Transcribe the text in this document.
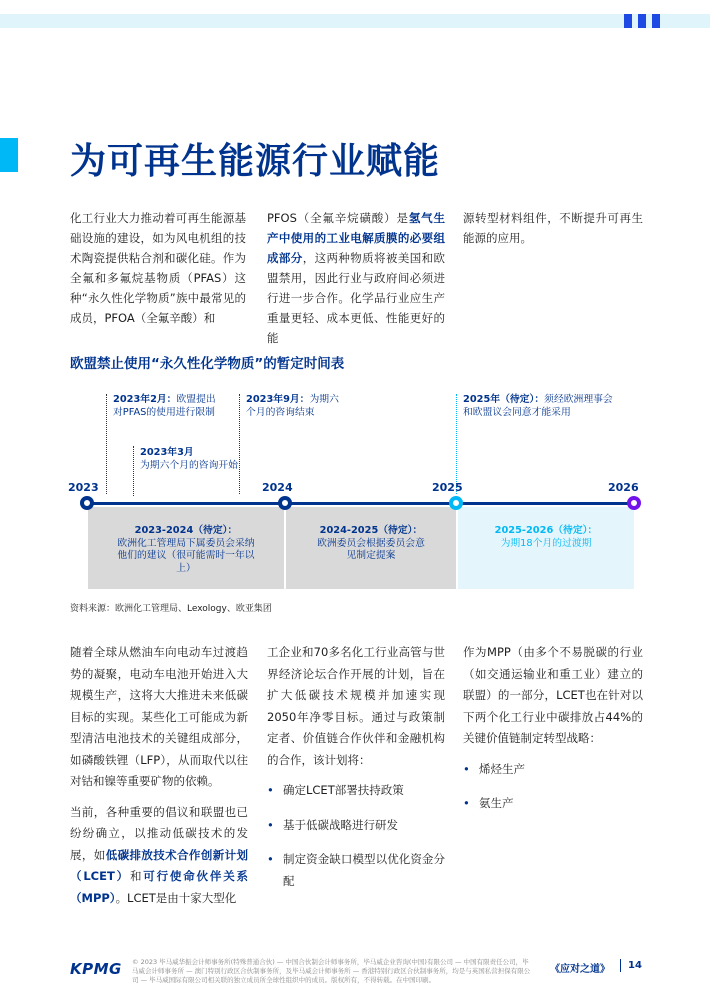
为可再生能源行业赋能
化工行业大力推动着可再生能源基础设施的建设，如为风电机组的技术陶瓷提供粘合剂和碳化硅。作为全氟和多氟烷基物质（PFAS）这种“永久性化学物质”族中最常见的成员，PFOA（全氟辛酸）和
PFOS（全氟辛烷磺酸）是氢气生产中使用的工业电解质膜的必要组成部分，这两种物质将被美国和欧盟禁用，因此行业与政府间必须进行进一步合作。化学品行业应生产重量更轻、成本更低、性能更好的能
源转型材料组件，不断提升可再生能源的应用。
欧盟禁止使用“永久性化学物质”的暂定时间表
2023年2月：欧盟提出对PFAS的使用进行限制
2023年3月
为期六个月的咨询开始
2023年9月：为期六个月的咨询结束
2025年（待定）：须经欧洲理事会和欧盟议会同意才能采用
2023	2024	2025	2026
2023-2024（待定）：
欧洲化工管理局下属委员会采纳他们的建议（很可能需时一年以上）
2024-2025（待定）：
欧洲委员会根据委员会意见制定提案
2025-2026（待定）：
为期18个月的过渡期
资料来源：欧洲化工管理局、Lexology、欧亚集团

随着全球从燃油车向电动车过渡趋势的凝聚，电动车电池开始进入大规模生产，这将大大推进未来低碳目标的实现。某些化工可能成为新型清洁电池技术的关键组成部分，如磷酸铁锂（LFP），从而取代以往对钴和镍等重要矿物的依赖。

当前，各种重要的倡议和联盟也已纷纷确立，以推动低碳技术的发展，如低碳排放技术合作创新计划（LCET）和可行使命伙伴关系（MPP）。LCET是由十家大型化

工企业和70多名化工行业高管与世界经济论坛合作开展的计划，旨在扩大低碳技术规模并加速实现2050年净零目标。通过与政策制定者、价值链合作伙伴和金融机构的合作，该计划将：

• 确定LCET部署扶持政策
• 基于低碳战略进行研发
• 制定资金缺口模型以优化资金分配

作为MPP（由多个不易脱碳的行业（如交通运输业和重工业）建立的联盟）的一部分，LCET也在针对以下两个化工行业中碳排放占44%的关键价值链制定转型战略：

• 烯烃生产
• 氨生产
KPMG © 2023 毕马威华振会计师事务所(特殊普通合伙) — 中国合伙制会计师事务所，毕马威企业咨询(中国)有限公司 — 中国有限责任公司，毕马威会计师事务所 — 澳门特别行政区合伙制事务所，及毕马威会计师事务所 — 香港特别行政区合伙制事务所，均是与英国私营担保有限公司 — 毕马威国际有限公司相关联的独立成员所全球性组织中的成员。版权所有，不得转载。在中国印刷。
《应对之道》 14
